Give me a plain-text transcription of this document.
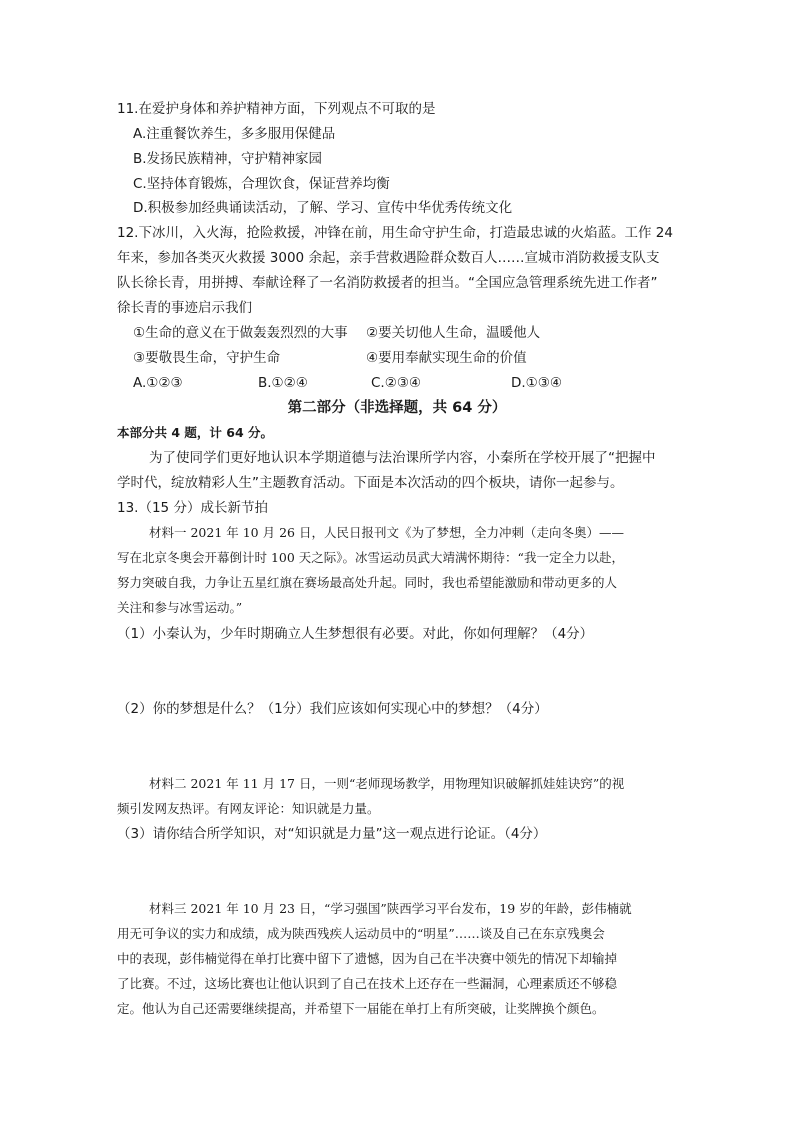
11.在爱护身体和养护精神方面，下列观点不可取的是
A.注重餐饮养生，多多服用保健品
B.发扬民族精神，守护精神家园
C.坚持体育锻炼，合理饮食，保证营养均衡
D.积极参加经典诵读活动，了解、学习、宣传中华优秀传统文化
12.下冰川，入火海，抢险救援，冲锋在前，用生命守护生命，打造最忠诚的火焰蓝。工作 24
年来，参加各类灭火救援 3000 余起，亲手营救遇险群众数百人……宣城市消防救援支队支
队长徐长青，用拼搏、奉献诠释了一名消防救援者的担当。“全国应急管理系统先进工作者”
徐长青的事迹启示我们
①生命的意义在于做轰轰烈烈的大事 ②要关切他人生命，温暖他人
③要敬畏生命，守护生命	④要用奉献实现生命的价值
A.①②③	B.①②④	C.②③④	D.①③④
第二部分（非选择题，共 64 分）
本部分共 4 题，计 64 分。
为了使同学们更好地认识本学期道德与法治课所学内容，小秦所在学校开展了“把握中
学时代，绽放精彩人生”主题教育活动。下面是本次活动的四个板块，请你一起参与。
13.（15 分）成长新节拍
材料一 2021 年 10 月 26 日，人民日报刊文《为了梦想，全力冲刺（走向冬奥）——
写在北京冬奥会开幕倒计时 100 天之际》。冰雪运动员武大靖满怀期待：“我一定全力以赴，
努力突破自我，力争让五星红旗在赛场最高处升起。同时，我也希望能激励和带动更多的人
关注和参与冰雪运动。”
（1）小秦认为，少年时期确立人生梦想很有必要。对此，你如何理解？（4分）
（2）你的梦想是什么？（1分）我们应该如何实现心中的梦想？（4分）
材料二 2021 年 11 月 17 日，一则“老师现场教学，用物理知识破解抓娃娃诀窍”的视
频引发网友热评。有网友评论：知识就是力量。
（3）请你结合所学知识，对“知识就是力量”这一观点进行论证。（4分）
材料三 2021 年 10 月 23 日，“学习强国”陕西学习平台发布，19 岁的年龄，彭伟楠就
用无可争议的实力和成绩，成为陕西残疾人运动员中的“明星”……谈及自己在东京残奥会
中的表现，彭伟楠觉得在单打比赛中留下了遗憾，因为自己在半决赛中领先的情况下却输掉
了比赛。不过，这场比赛也让他认识到了自己在技术上还存在一些漏洞，心理素质还不够稳
定。他认为自己还需要继续提高，并希望下一届能在单打上有所突破，让奖牌换个颜色。
